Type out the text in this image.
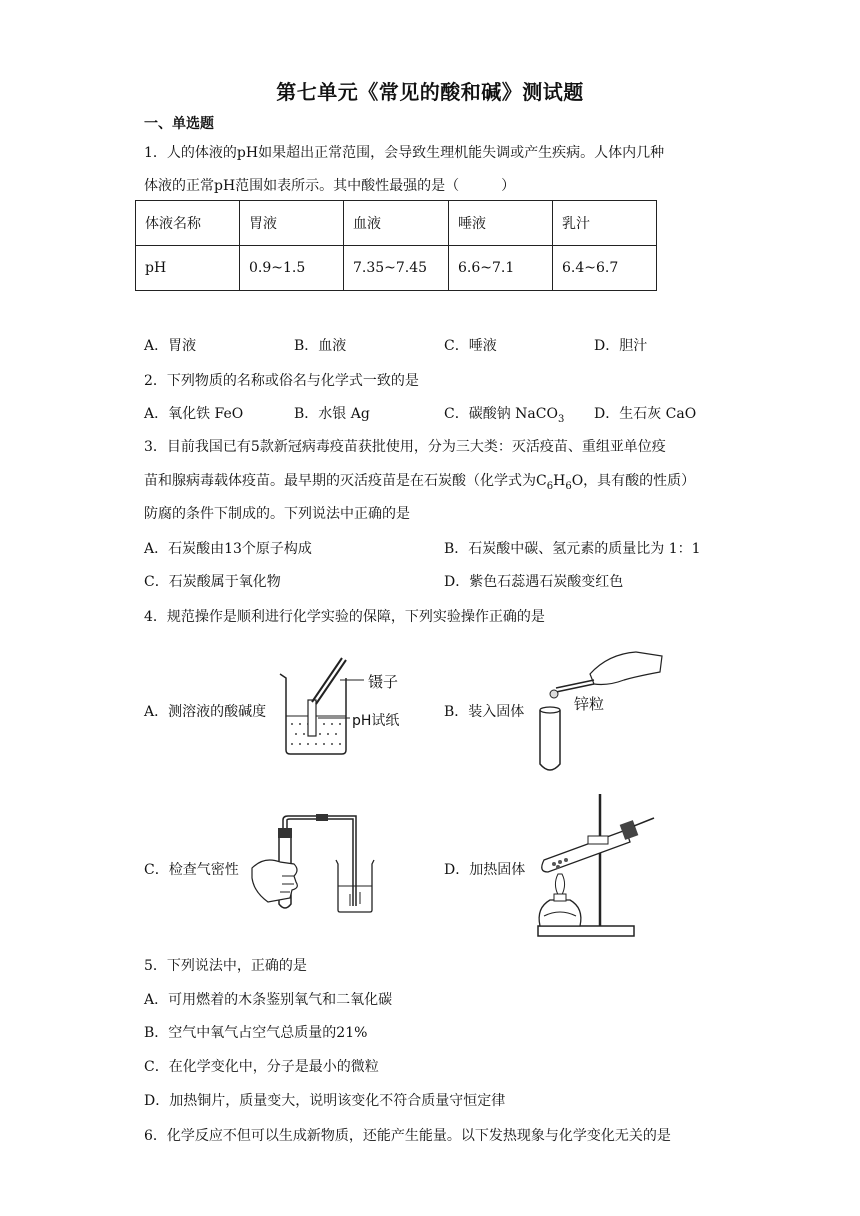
第七单元《常见的酸和碱》测试题
一、单选题
1．人的体液的pH如果超出正常范围，会导致生理机能失调或产生疾病。人体内几种
体液的正常pH范围如表所示。其中酸性最强的是（　　　）
体液名称	胃液	血液	唾液	乳汁
pH	0.9~1.5	7.35~7.45	6.6~7.1	6.4~6.7
A．胃液	B．血液	C．唾液	D．胆汁
2．下列物质的名称或俗名与化学式一致的是
A．氧化铁 FeO	B．水银 Ag	C．碳酸钠 NaCO$_3$ D．生石灰 CaO
3．目前我国已有5款新冠病毒疫苗获批使用，分为三大类：灭活疫苗、重组亚单位疫
苗和腺病毒载体疫苗。最早期的灭活疫苗是在石炭酸（化学式为$C_6H_6O$，具有酸的性质）
防腐的条件下制成的。下列说法中正确的是
A．石炭酸由13个原子构成	B．石炭酸中碳、氢元素的质量比为 1：1
C．石炭酸属于氧化物	D．紫色石蕊遇石炭酸变红色
4．规范操作是顺利进行化学实验的保障，下列实验操作正确的是
A．测溶液的酸碱度	B．装入固体
C．检查气密性	D．加热固体
镊子
pH试纸
锌粒
5．下列说法中，正确的是
A．可用燃着的木条鉴别氧气和二氧化碳
B．空气中氧气占空气总质量的21%
C．在化学变化中，分子是最小的微粒
D．加热铜片，质量变大，说明该变化不符合质量守恒定律
6．化学反应不但可以生成新物质，还能产生能量。以下发热现象与化学变化无关的是
